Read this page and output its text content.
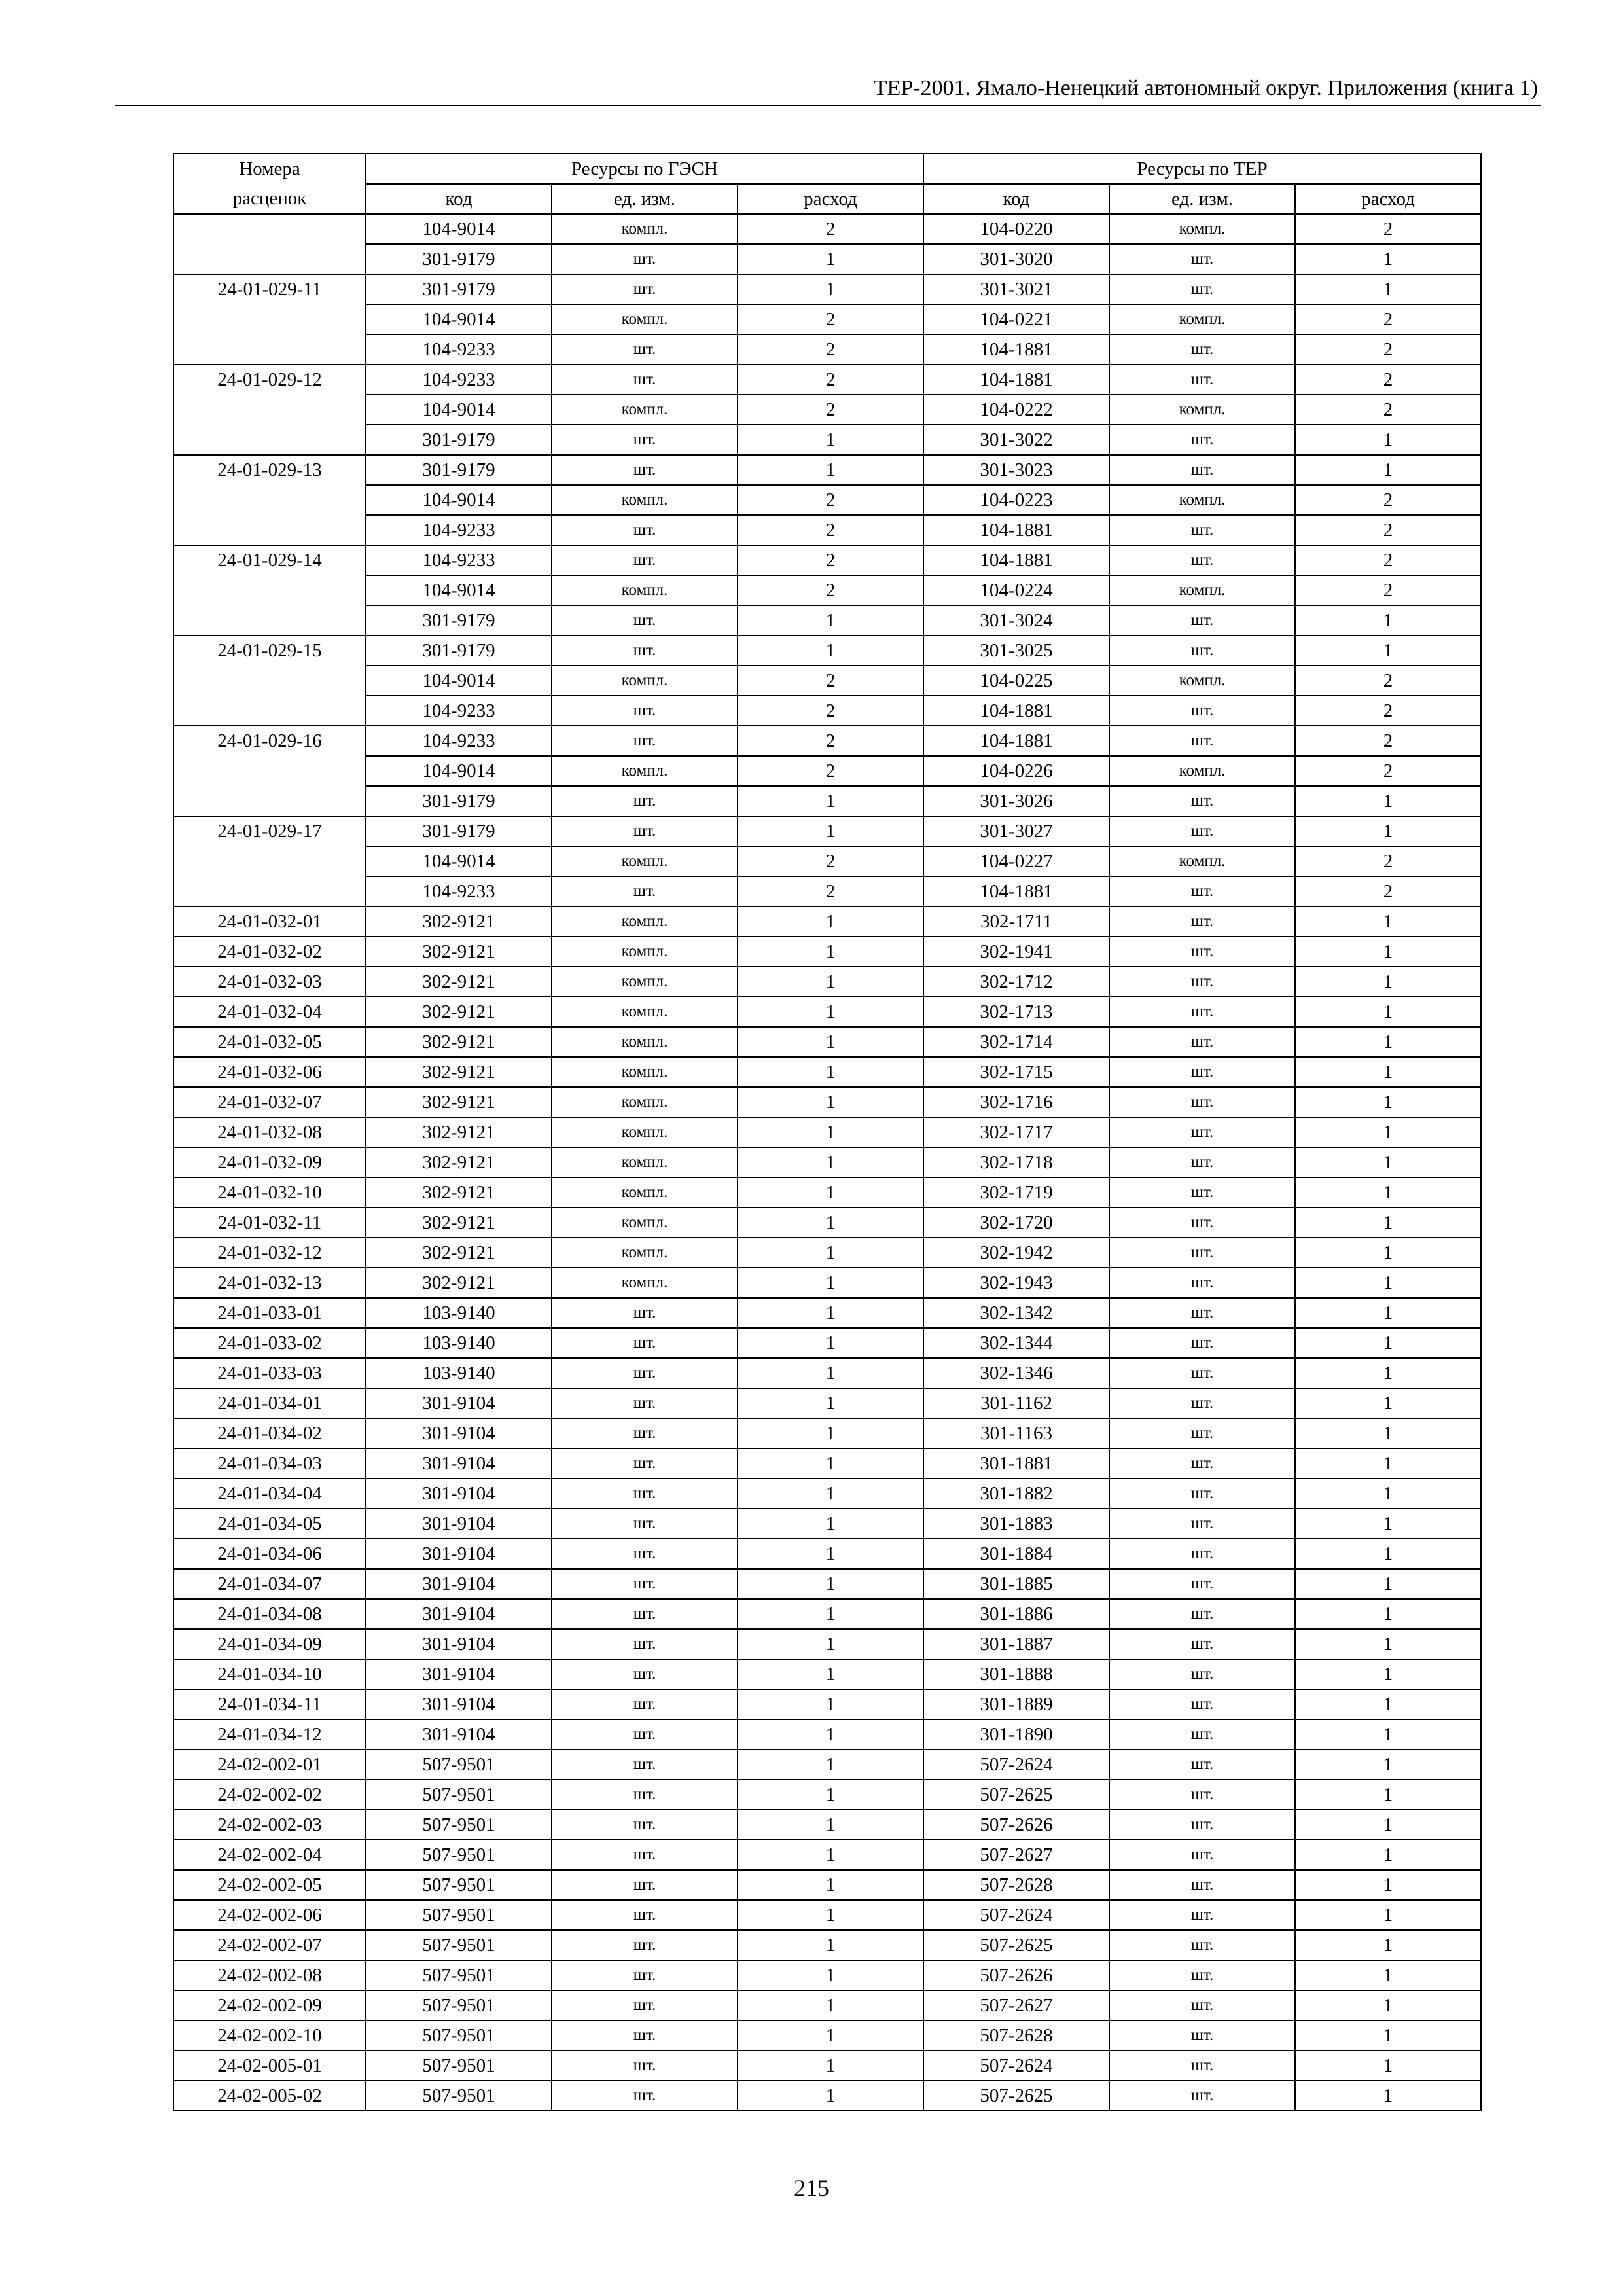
ТЕР-2001. Ямало-Ненецкий автономный округ. Приложения (книга 1)
Номера	Ресурсы по ГЭСН			Ресурсы по ТЕР		
расценок	код	ед. изм.	расход	код	ед. изм.	расход
	104-9014	компл.	2	104-0220	компл.	2
	301-9179	шт.	1	301-3020	шт.	1
24-01-029-11	301-9179	шт.	1	301-3021	шт.	1
	104-9014	компл.	2	104-0221	компл.	2
	104-9233	шт.	2	104-1881	шт.	2
24-01-029-12	104-9233	шт.	2	104-1881	шт.	2
	104-9014	компл.	2	104-0222	компл.	2
	301-9179	шт.	1	301-3022	шт.	1
24-01-029-13	301-9179	шт.	1	301-3023	шт.	1
	104-9014	компл.	2	104-0223	компл.	2
	104-9233	шт.	2	104-1881	шт.	2
24-01-029-14	104-9233	шт.	2	104-1881	шт.	2
	104-9014	компл.	2	104-0224	компл.	2
	301-9179	шт.	1	301-3024	шт.	1
24-01-029-15	301-9179	шт.	1	301-3025	шт.	1
	104-9014	компл.	2	104-0225	компл.	2
	104-9233	шт.	2	104-1881	шт.	2
24-01-029-16	104-9233	шт.	2	104-1881	шт.	2
	104-9014	компл.	2	104-0226	компл.	2
	301-9179	шт.	1	301-3026	шт.	1
24-01-029-17	301-9179	шт.	1	301-3027	шт.	1
	104-9014	компл.	2	104-0227	компл.	2
	104-9233	шт.	2	104-1881	шт.	2
24-01-032-01	302-9121	компл.	1	302-1711	шт.	1
24-01-032-02	302-9121	компл.	1	302-1941	шт.	1
24-01-032-03	302-9121	компл.	1	302-1712	шт.	1
24-01-032-04	302-9121	компл.	1	302-1713	шт.	1
24-01-032-05	302-9121	компл.	1	302-1714	шт.	1
24-01-032-06	302-9121	компл.	1	302-1715	шт.	1
24-01-032-07	302-9121	компл.	1	302-1716	шт.	1
24-01-032-08	302-9121	компл.	1	302-1717	шт.	1
24-01-032-09	302-9121	компл.	1	302-1718	шт.	1
24-01-032-10	302-9121	компл.	1	302-1719	шт.	1
24-01-032-11	302-9121	компл.	1	302-1720	шт.	1
24-01-032-12	302-9121	компл.	1	302-1942	шт.	1
24-01-032-13	302-9121	компл.	1	302-1943	шт.	1
24-01-033-01	103-9140	шт.	1	302-1342	шт.	1
24-01-033-02	103-9140	шт.	1	302-1344	шт.	1
24-01-033-03	103-9140	шт.	1	302-1346	шт.	1
24-01-034-01	301-9104	шт.	1	301-1162	шт.	1
24-01-034-02	301-9104	шт.	1	301-1163	шт.	1
24-01-034-03	301-9104	шт.	1	301-1881	шт.	1
24-01-034-04	301-9104	шт.	1	301-1882	шт.	1
24-01-034-05	301-9104	шт.	1	301-1883	шт.	1
24-01-034-06	301-9104	шт.	1	301-1884	шт.	1
24-01-034-07	301-9104	шт.	1	301-1885	шт.	1
24-01-034-08	301-9104	шт.	1	301-1886	шт.	1
24-01-034-09	301-9104	шт.	1	301-1887	шт.	1
24-01-034-10	301-9104	шт.	1	301-1888	шт.	1
24-01-034-11	301-9104	шт.	1	301-1889	шт.	1
24-01-034-12	301-9104	шт.	1	301-1890	шт.	1
24-02-002-01	507-9501	шт.	1	507-2624	шт.	1
24-02-002-02	507-9501	шт.	1	507-2625	шт.	1
24-02-002-03	507-9501	шт.	1	507-2626	шт.	1
24-02-002-04	507-9501	шт.	1	507-2627	шт.	1
24-02-002-05	507-9501	шт.	1	507-2628	шт.	1
24-02-002-06	507-9501	шт.	1	507-2624	шт.	1
24-02-002-07	507-9501	шт.	1	507-2625	шт.	1
24-02-002-08	507-9501	шт.	1	507-2626	шт.	1
24-02-002-09	507-9501	шт.	1	507-2627	шт.	1
24-02-002-10	507-9501	шт.	1	507-2628	шт.	1
24-02-005-01	507-9501	шт.	1	507-2624	шт.	1
24-02-005-02	507-9501	шт.	1	507-2625	шт.	1
215
